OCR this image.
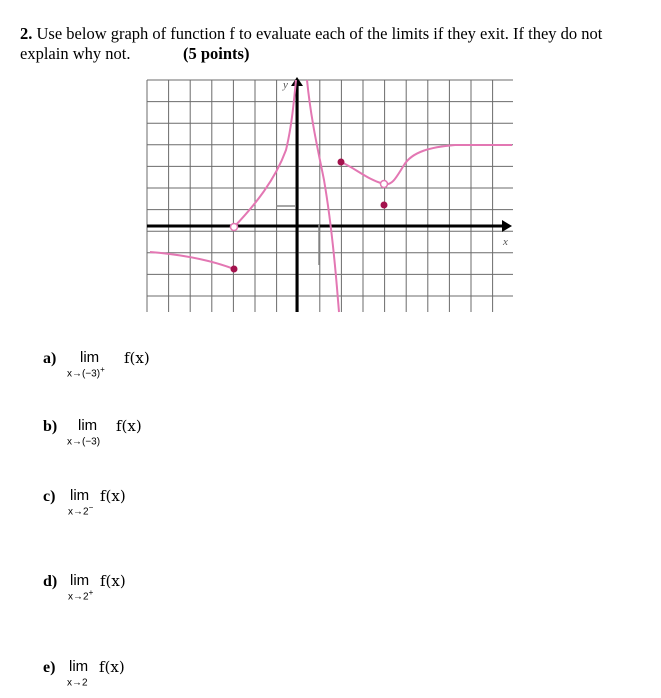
2. Use below graph of function f to evaluate each of the limits if they exit. If they do not
explain why not.	(5 points)
y
x
a) lim
x→(−3)+
f(x)
b) lim
x→(−3)
f(x)
c) lim
x→2−
f(x)
d) lim
x→2+
f(x)
e) lim
x→2
f(x)
